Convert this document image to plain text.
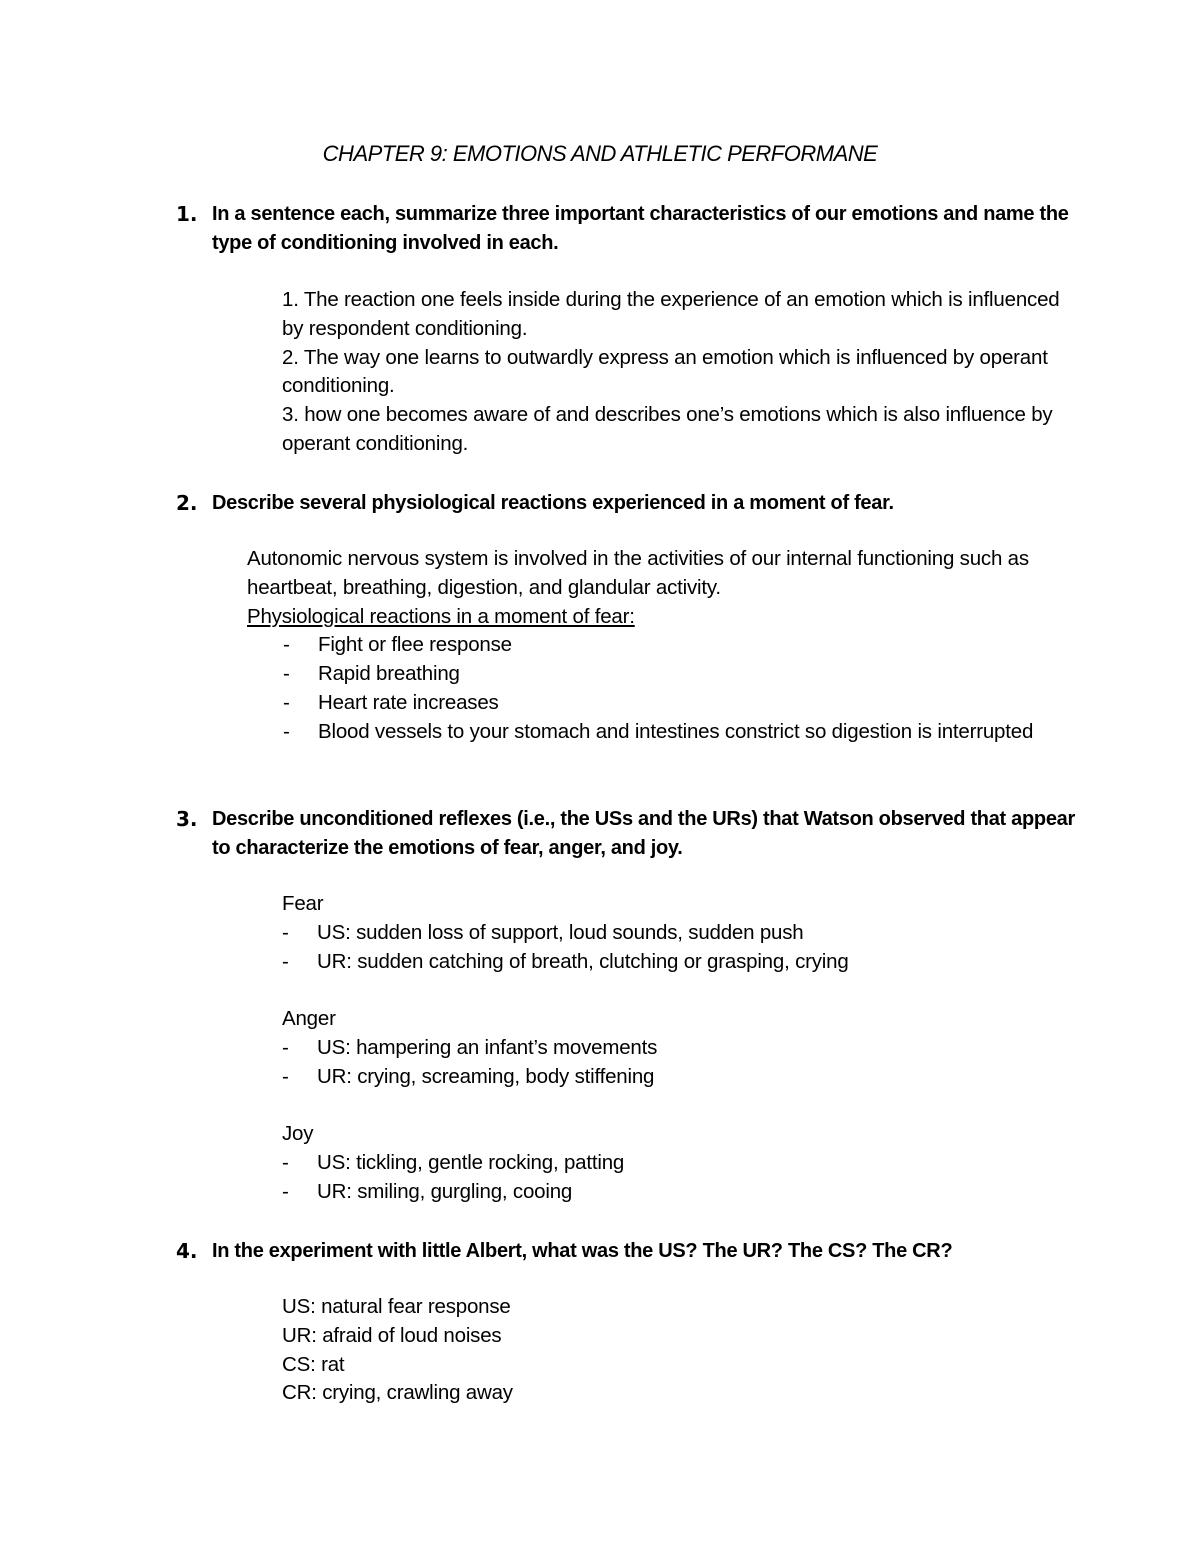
CHAPTER 9: EMOTIONS AND ATHLETIC PERFORMANE
1. In a sentence each, summarize three important characteristics of our emotions and name the type of conditioning involved in each.

1. The reaction one feels inside during the experience of an emotion which is influenced by respondent conditioning.

2. The way one learns to outwardly express an emotion which is influenced by operant conditioning.

3. how one becomes aware of and describes one’s emotions which is also influence by operant conditioning.

2. Describe several physiological reactions experienced in a moment of fear.

Autonomic nervous system is involved in the activities of our internal functioning such as heartbeat, breathing, digestion, and glandular activity.

Physiological reactions in a moment of fear:

- Fight or flee response
- Rapid breathing
- Heart rate increases
- Blood vessels to your stomach and intestines constrict so digestion is interrupted
3. Describe unconditioned reflexes (i.e., the USs and the URs) that Watson observed that appear to characterize the emotions of fear, anger, and joy.

Fear

- US: sudden loss of support, loud sounds, sudden push
- UR: sudden catching of breath, clutching or grasping, crying

Anger

- US: hampering an infant’s movements
- UR: crying, screaming, body stiffening

Joy

- US: tickling, gentle rocking, patting
- UR: smiling, gurgling, cooing
4. In the experiment with little Albert, what was the US? The UR? The CS? The CR?

US: natural fear response

UR: afraid of loud noises

CS: rat

CR: crying, crawling away
